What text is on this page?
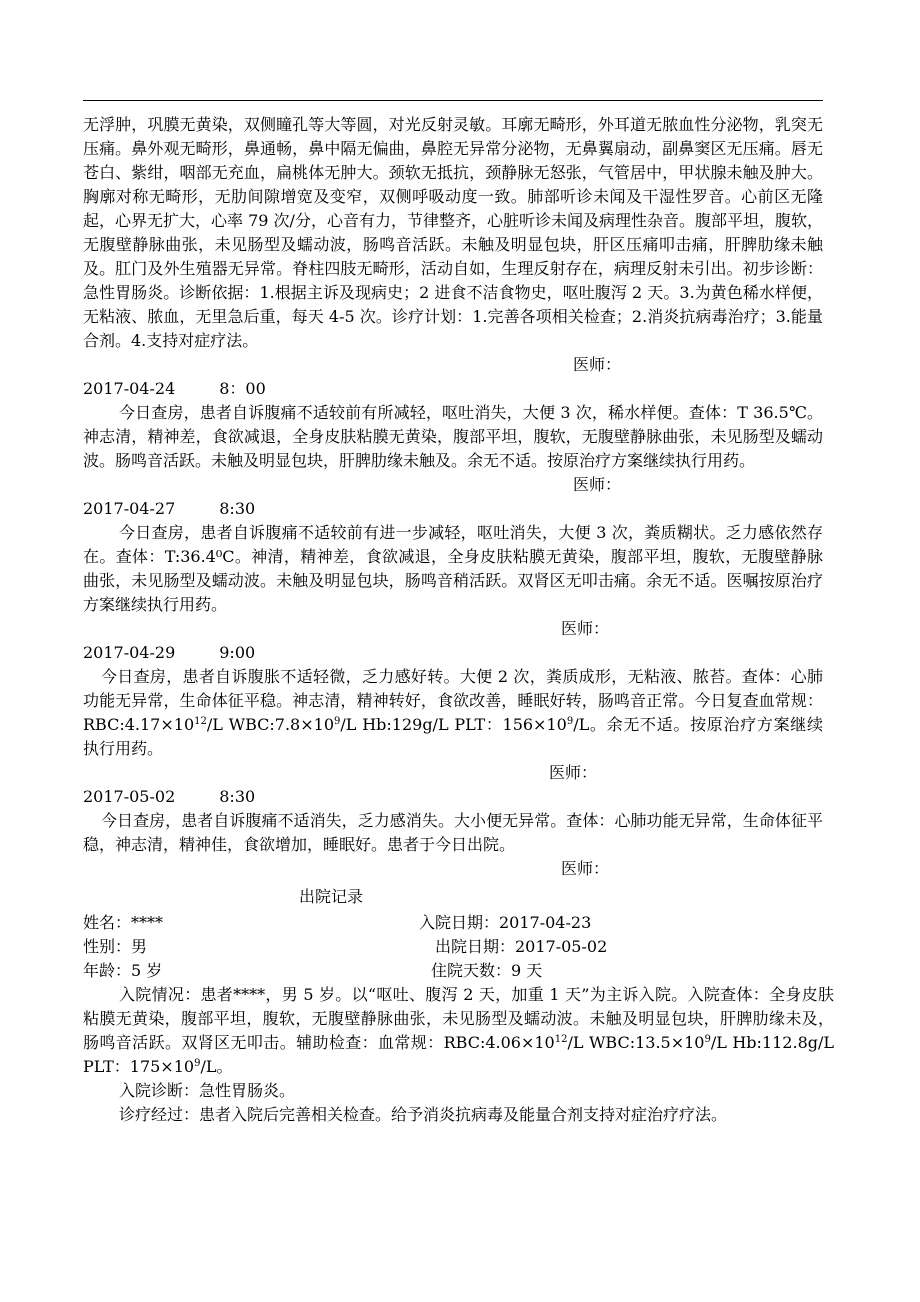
无浮肿，巩膜无黄染，双侧瞳孔等大等圆，对光反射灵敏。耳廓无畸形，外耳道无脓血性分泌物，乳突无压痛。鼻外观无畸形，鼻通畅，鼻中隔无偏曲，鼻腔无异常分泌物，无鼻翼扇动，副鼻窦区无压痛。唇无苍白、紫绀，咽部无充血，扁桃体无肿大。颈软无抵抗，颈静脉无怒张，气管居中，甲状腺未触及肿大。胸廓对称无畸形，无肋间隙增宽及变窄，双侧呼吸动度一致。肺部听诊未闻及干湿性罗音。心前区无隆起，心界无扩大，心率 79 次/分，心音有力，节律整齐，心脏听诊未闻及病理性杂音。腹部平坦，腹软，无腹壁静脉曲张，未见肠型及蠕动波，肠鸣音活跃。未触及明显包块，肝区压痛叩击痛，肝脾肋缘未触及。肛门及外生殖器无异常。脊柱四肢无畸形，活动自如，生理反射存在，病理反射未引出。初步诊断：急性胃肠炎。诊断依据：1.根据主诉及现病史；2 进食不洁食物史，呕吐腹泻 2 天。3.为黄色稀水样便，无粘液、脓血，无里急后重，每天 4-5 次。诊疗计划：1.完善各项相关检查；2.消炎抗病毒治疗；3.能量合剂。4.支持对症疗法。

医师：

2017-04-24	8：00

今日查房，患者自诉腹痛不适较前有所减轻，呕吐消失，大便 3 次，稀水样便。查体：T 36.5℃。神志清，精神差，食欲减退，全身皮肤粘膜无黄染，腹部平坦，腹软，无腹壁静脉曲张，未见肠型及蠕动波。肠鸣音活跃。未触及明显包块，肝脾肋缘未触及。余无不适。按原治疗方案继续执行用药。

医师：

2017-04-27	8:30

今日查房，患者自诉腹痛不适较前有进一步减轻，呕吐消失，大便 3 次，粪质糊状。乏力感依然存在。查体：T:36.4⁰C。神清，精神差，食欲减退，全身皮肤粘膜无黄染，腹部平坦，腹软，无腹壁静脉曲张，未见肠型及蠕动波。未触及明显包块，肠鸣音稍活跃。双肾区无叩击痛。余无不适。医嘱按原治疗方案继续执行用药。

医师：

2017-04-29	9:00

今日查房，患者自诉腹胀不适轻微，乏力感好转。大便 2 次，粪质成形，无粘液、脓苔。查体：心肺功能无异常，生命体征平稳。神志清，精神转好，食欲改善，睡眠好转，肠鸣音正常。今日复查血常规：$RBC:4.17\times 10^{12}/L$ $WBC:7.8\times 10^9/L$ Hb:129g/L PLT：$156\times 10^9/L$。余无不适。按原治疗方案继续执行用药。

医师：

2017-05-02	8:30

今日查房，患者自诉腹痛不适消失，乏力感消失。大小便无异常。查体：心肺功能无异常，生命体征平稳，神志清，精神佳，食欲增加，睡眠好。患者于今日出院。

医师：

出院记录

姓名：****	入院日期：2017-04-23
性别：男	出院日期：2017-05-02
年龄：5 岁	住院天数：9 天

入院情况：患者****，男 5 岁。以“呕吐、腹泻 2 天，加重 1 天”为主诉入院。入院查体：全身皮肤粘膜无黄染，腹部平坦，腹软，无腹壁静脉曲张，未见肠型及蠕动波。未触及明显包块，肝脾肋缘未及，肠鸣音活跃。双肾区无叩击。辅助检查：血常规：$RBC:4.06\times 10^{12}/L$ $WBC:13.5\times 10^9/L$ Hb:112.8g/L PLT：$175\times 10^9/L$。

入院诊断：急性胃肠炎。

诊疗经过：患者入院后完善相关检查。给予消炎抗病毒及能量合剂支持对症治疗疗法。
